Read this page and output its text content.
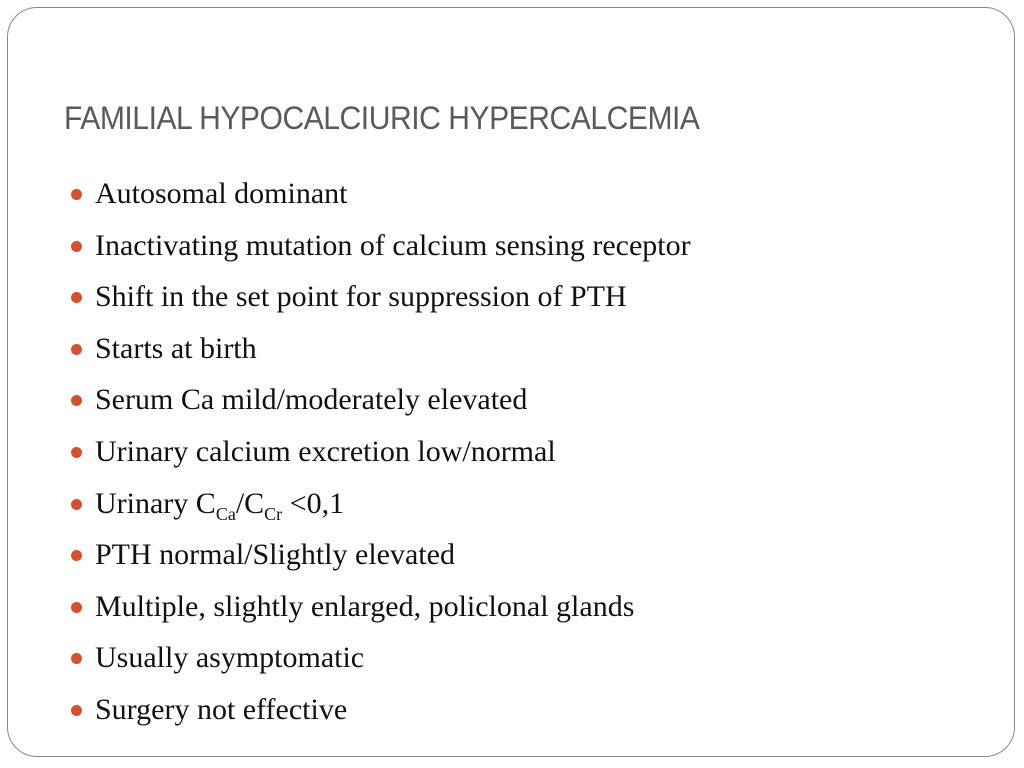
FAMILIAL HYPOCALCIURIC HYPERCALCEMIA
Autosomal dominant
Inactivating mutation of calcium sensing receptor
Shift in the set point for suppression of PTH
Starts at birth
Serum Ca mild/moderately elevated
Urinary calcium excretion low/normal
Urinary $C_{Ca}/C_{Cr} <0,1$
PTH normal/Slightly elevated
Multiple, slightly enlarged, policlonal glands
Usually asymptomatic
Surgery not effective
